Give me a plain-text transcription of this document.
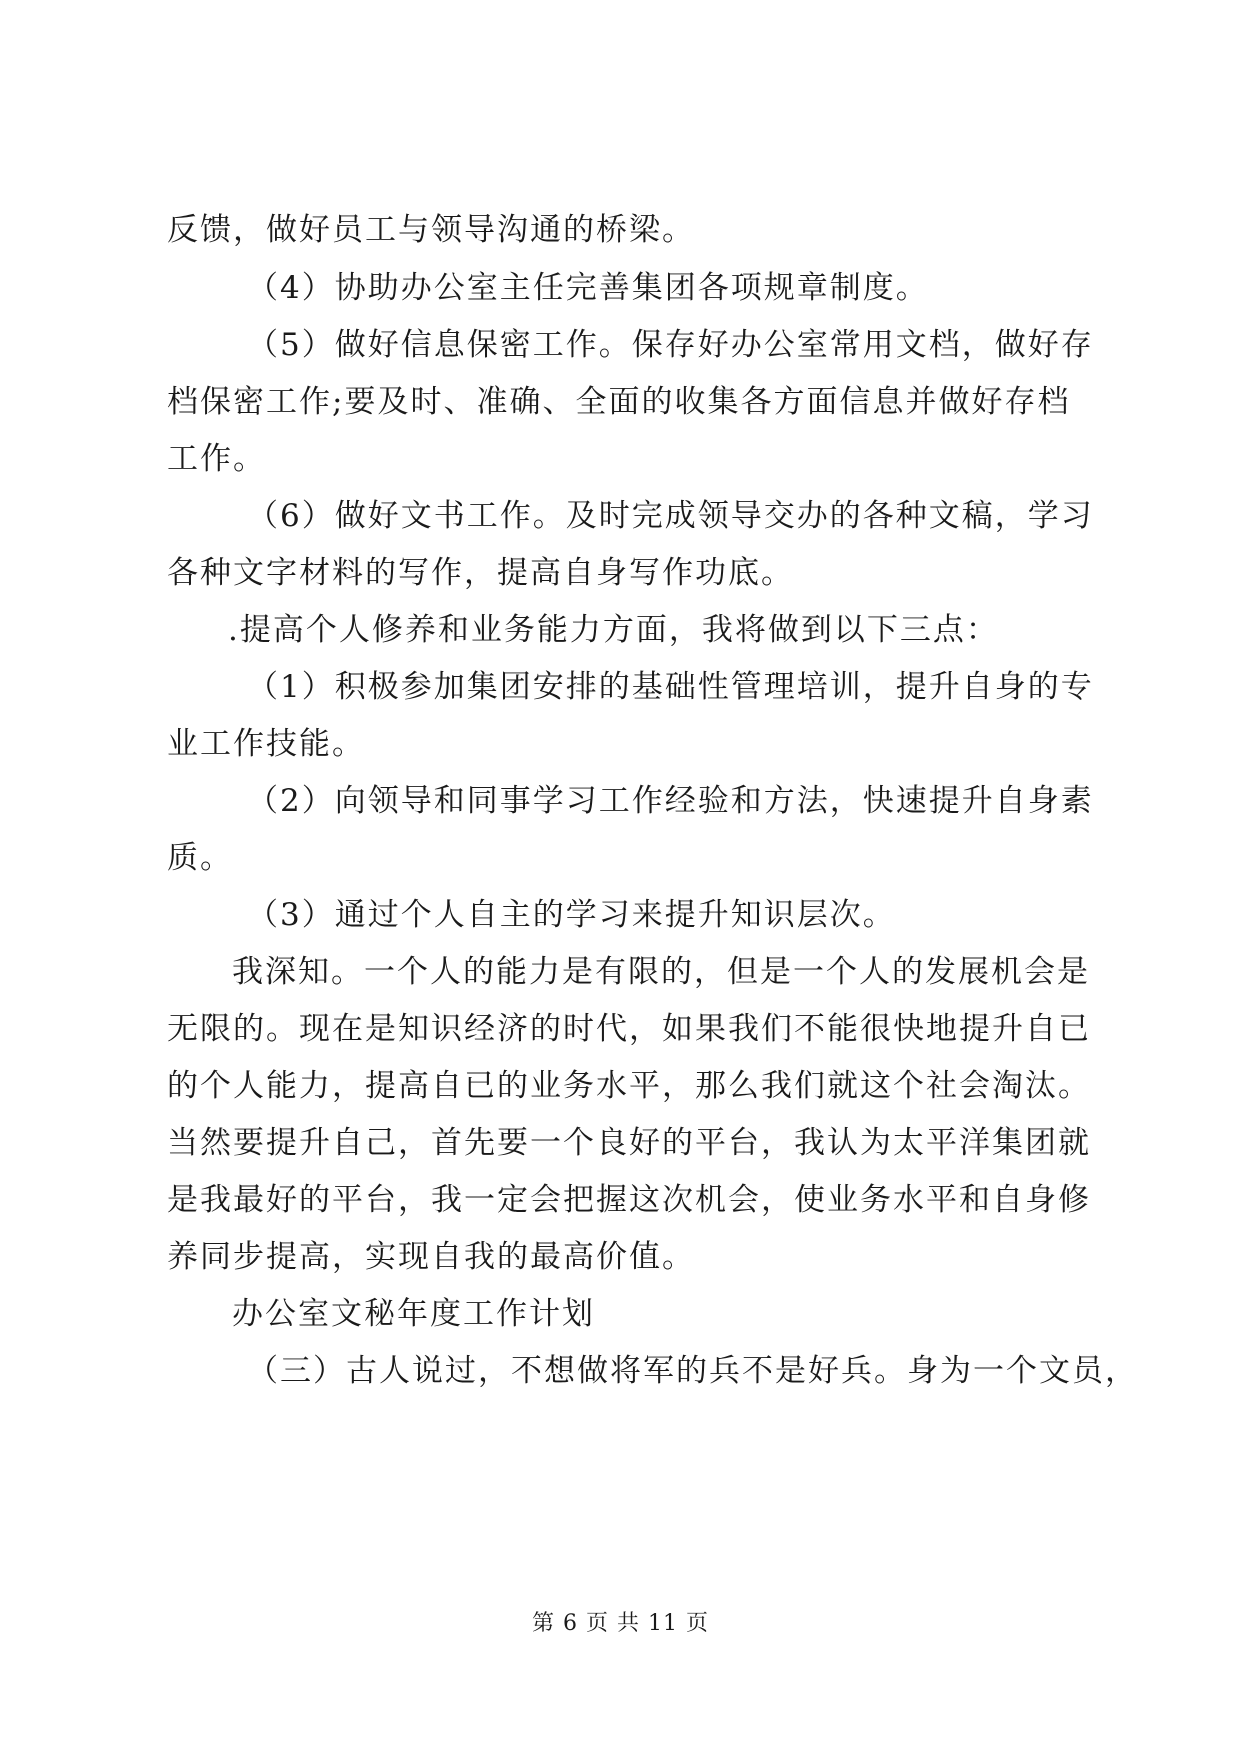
反馈，做好员工与领导沟通的桥梁。

（4）协助办公室主任完善集团各项规章制度。

（5）做好信息保密工作。保存好办公室常用文档，做好存

档保密工作;要及时、准确、全面的收集各方面信息并做好存档

工作。

（6）做好文书工作。及时完成领导交办的各种文稿，学习

各种文字材料的写作，提高自身写作功底。

.提高个人修养和业务能力方面，我将做到以下三点：

（1）积极参加集团安排的基础性管理培训，提升自身的专

业工作技能。

（2）向领导和同事学习工作经验和方法，快速提升自身素

质。

（3）通过个人自主的学习来提升知识层次。

我深知。一个人的能力是有限的，但是一个人的发展机会是

无限的。现在是知识经济的时代，如果我们不能很快地提升自已

的个人能力，提高自已的业务水平，那么我们就这个社会淘汰。

当然要提升自己，首先要一个良好的平台，我认为太平洋集团就

是我最好的平台，我一定会把握这次机会，使业务水平和自身修

养同步提高，实现自我的最高价值。

办公室文秘年度工作计划

（三）古人说过，不想做将军的兵不是好兵。身为一个文员，

第 6 页 共 11 页
